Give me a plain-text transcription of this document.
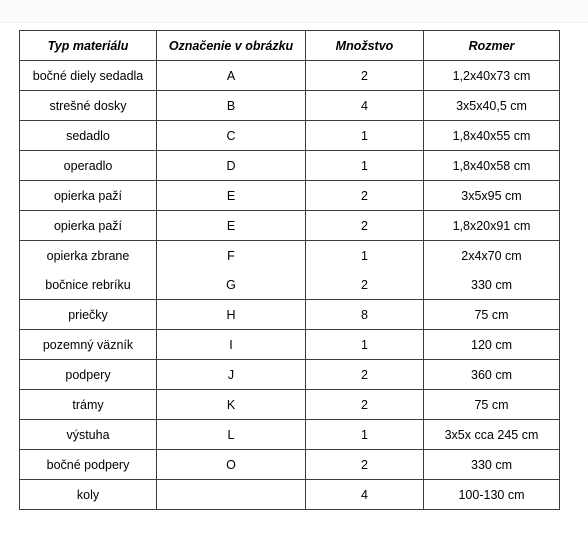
Typ materiálu	Označenie v obrázku	Množstvo	Rozmer
bočné diely sedadla	A	2	1,2x40x73 cm
strešné dosky	B	4	3x5x40,5 cm
sedadlo	C	1	1,8x40x55 cm
operadlo	D	1	1,8x40x58 cm
opierka paží	E	2	3x5x95 cm
opierka paží	E	2	1,8x20x91 cm
opierka zbrane	F	1	2x4x70 cm
bočnice rebríku	G	2	330 cm
priečky	H	8	75 cm
pozemný väzník	I	1	120 cm
podpery	J	2	360 cm
trámy	K	2	75 cm
výstuha	L	1	3x5x cca 245 cm
bočné podpery	O	2	330 cm
koly		4	100-130 cm
